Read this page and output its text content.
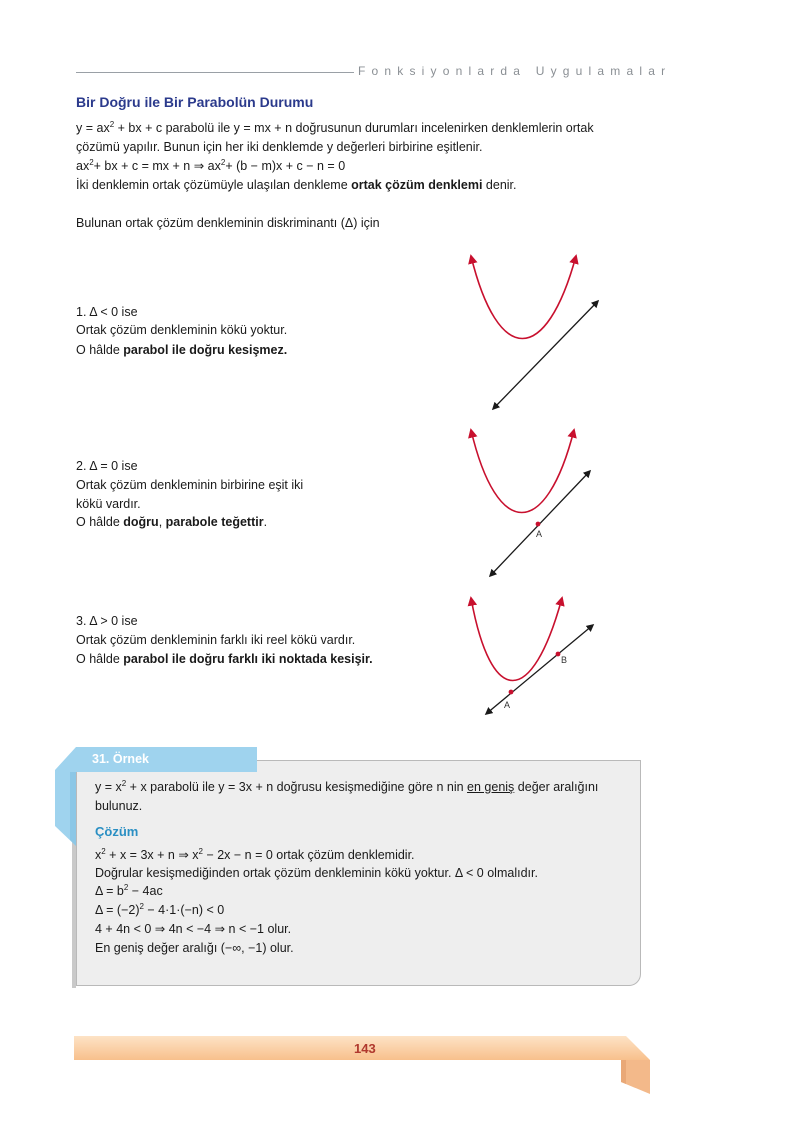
Fonksiyonlarda Uygulamalar
Bir Doğru ile Bir Parabolün Durumu
$y = ax^2$ + bx + c parabolü ile y = mx + n doğrusunun durumları incelenirken denklemlerin ortak
çözümü yapılır. Bunun için her iki denklemde y değerleri birbirine eşitlenir.
$ax^2+$ bx + c = mx + n ⇒ $ax^2+ (b - m)x + c - n = 0$
İki denklemin ortak çözümüyle ulaşılan denkleme ortak çözüm denklemi denir.
Bulunan ortak çözüm denkleminin diskriminantı (Δ) için
1. Δ < 0 ise
Ortak çözüm denkleminin kökü yoktur.
O hâlde parabol ile doğru kesişmez.
2. Δ = 0 ise
Ortak çözüm denkleminin birbirine eşit iki
kökü vardır.
O hâlde doğru, parabole teğettir.
3. Δ > 0 ise
Ortak çözüm denkleminin farklı iki reel kökü vardır.
O hâlde parabol ile doğru farklı iki noktada kesişir.
A
A
B
31. Örnek
$y = x^2 + x$ parabolü ile y = 3x + n doğrusu kesişmediğine göre n nin en geniş değer aralığını
bulunuz.
Çözüm
$x^2 + x = 3x + n$ ⇒ $x^2 - 2x - n = 0$ ortak çözüm denklemidir.
Doğrular kesişmediğinden ortak çözüm denkleminin kökü yoktur. Δ < 0 olmalıdır.
$\Delta = b^2 - 4ac$
$\Delta = (-2)^2 - 4\cdot 1\cdot(-n) < 0$
4 + 4n < 0 ⇒ 4n < −4 ⇒ n < −1 olur.
En geniş değer aralığı (−∞, −1) olur.
143
